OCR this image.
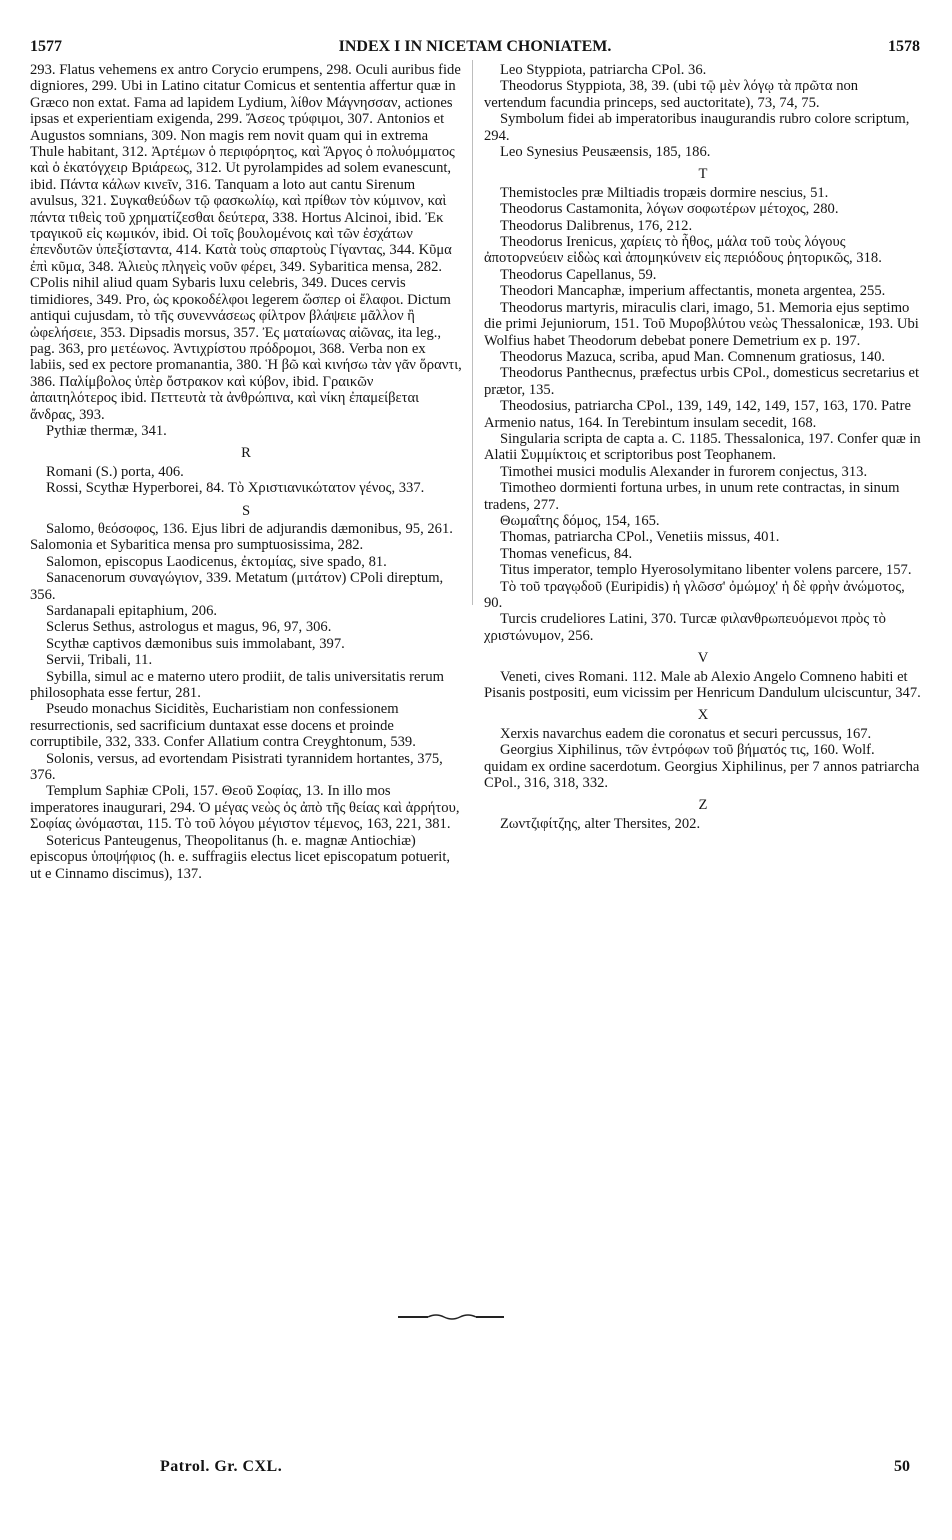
1577	INDEX I IN NICETAM CHONIATEM.	1578

293. Flatus vehemens ex antro Corycio erumpens, 298. Oculi auribus fide digniores, 299. Ubi in Latino citatur Comicus et sententia affertur quæ in Græco non extat. Fama ad lapidem Lydium, λίθον Μάγνησσαν, actiones ipsas et experientiam exigenda, 299. Ἄσεος τρύφιμοι, 307. Antonios et Augustos somnians, 309. Non magis rem novit quam qui in extrema Thule habitant, 312. Ἀρτέμων ὁ περιφόρητος, καὶ Ἄργος ὁ πολυόμματος καὶ ὁ ἑκατόγχειρ Βριάρεως, 312. Ut pyrolampides ad solem evanescunt, ibid. Πάντα κάλων κινεῖν, 316. Tanquam a loto aut cantu Sirenum avulsus, 321. Συγκαθεύδων τῷ φασκωλίῳ, καὶ πρίθων τὸν κύμινον, καὶ πάντα τιθεὶς τοῦ χρηματίζεσθαι δεύτερα, 338. Hortus Alcinoi, ibid. Ἐκ τραγικοῦ εἰς κωμικόν, ibid. Οἱ τοῖς βουλομένοις καὶ τῶν ἐσχάτων ἐπενδυτῶν ὑπεξίσταντα, 414. Κατὰ τοὺς σπαρτοὺς Γίγαντας, 344. Κῦμα ἐπὶ κῦμα, 348. Ἁλιεὺς πληγεὶς νοῦν φέρει, 349. Sybaritica mensa, 282. CPolis nihil aliud quam Sybaris luxu celebris, 349. Duces cervis timidiores, 349. Pro, ὡς κροκοδέλφοι legerem ὥσπερ οἱ ἔλαφοι. Dictum antiqui cujusdam, τὸ τῆς συνεννάσεως φίλτρον βλάψειε μᾶλλον ἢ ὠφελήσειε, 353. Dipsadis morsus, 357. Ἐς ματαίωνας αἰῶνας, ita leg., pag. 363, pro μετέωνος. Ἀντιχρίστου πρόδρομοι, 368. Verba non ex labiis, sed ex pectore promanantia, 380. Ἡ βῶ καὶ κινήσω τὰν γᾶν ὅραντι, 386. Παλίμβολος ὑπὲρ ὄστρακον καὶ κύβον, ibid. Γραικῶν ἀπαιτηλότερος ibid. Πεττευτὰ τὰ ἀνθρώπινα, καὶ νίκη ἐπαμείβεται ἄνδρας, 393.

Pythiæ thermæ, 341.

R

Romani (S.) porta, 406.

Rossi, Scythæ Hyperborei, 84. Τὸ Χριστιανικώτατον γένος, 337.

S

Salomo, θεόσοφος, 136. Ejus libri de adjurandis dæmonibus, 95, 261. Salomonia et Sybaritica mensa pro sumptuosissima, 282.

Salomon, episcopus Laodicenus, ἐκτομίας, sive spado, 81.

Sanacenorum συναγώγιον, 339. Metatum (μιτάτον) CPoli direptum, 356.

Sardanapali epitaphium, 206.

Sclerus Sethus, astrologus et magus, 96, 97, 306.

Scythæ captivos dæmonibus suis immolabant, 397.

Servii, Tribali, 11.

Sybilla, simul ac e materno utero prodiit, de talis universitatis rerum philosophata esse fertur, 281.

Pseudo monachus Siciditès, Eucharistiam non confessionem resurrectionis, sed sacrificium duntaxat esse docens et proinde corruptibile, 332, 333. Confer Allatium contra Creyghtonum, 539.

Solonis, versus, ad evortendam Pisistrati tyrannidem hortantes, 375, 376.

Templum Saphiæ CPoli, 157. Θεοῦ Σοφίας, 13. In illo mos imperatores inaugurari, 294. Ὁ μέγας νεὼς ὁς ἀπὸ τῆς θείας καὶ ἀρρήτου, Σοφίας ὠνόμασται, 115. Τὸ τοῦ λόγου μέγιστον τέμενος, 163, 221, 381.

Sotericus Panteugenus, Theopolitanus (h. e. magnæ Antiochiæ) episcopus ὑποψήφιος (h. e. suffragiis electus licet episcopatum potuerit, ut e Cinnamo discimus), 137.

Leo Styppiota, patriarcha CPol. 36.

Theodorus Styppiota, 38, 39. (ubi τῷ μὲν λόγῳ τὰ πρῶτα non vertendum facundia princeps, sed auctoritate), 73, 74, 75.

Symbolum fidei ab imperatoribus inaugurandis rubro colore scriptum, 294.

Leo Synesius Peusæensis, 185, 186.

T

Themistocles præ Miltiadis tropæis dormire nescius, 51.

Theodorus Castamonita, λόγων σοφωτέρων μέτοχος, 280.

Theodorus Dalibrenus, 176, 212.

Theodorus Irenicus, χαρίεις τὸ ἦθος, μάλα τοῦ τοὺς λόγους ἀποτορνεύειν εἰδὼς καὶ ἀπομηκύνειν εἰς περιόδους ῥητορικῶς, 318.

Theodorus Capellanus, 59.

Theodori Mancaphæ, imperium affectantis, moneta argentea, 255.

Theodorus martyris, miraculis clari, imago, 51. Memoria ejus septimo die primi Jejuniorum, 151. Τοῦ Μυροβλύτου νεὼς Thessalonicæ, 193. Ubi Wolfius habet Theodorum debebat ponere Demetrium ex p. 197.

Theodorus Mazuca, scriba, apud Man. Comnenum gratiosus, 140.

Theodorus Panthecnus, præfectus urbis CPol., domesticus secretarius et prætor, 135.

Theodosius, patriarcha CPol., 139, 149, 142, 149, 157, 163, 170. Patre Armenio natus, 164. In Terebintum insulam secedit, 168.

Singularia scripta de capta a. C. 1185. Thessalonica, 197. Confer quæ in Alatii Συμμίκτοις et scriptoribus post Teophanem.

Timothei musici modulis Alexander in furorem conjectus, 313.

Timotheo dormienti fortuna urbes, in unum rete contractas, in sinum tradens, 277.

Θωμαΐτης δόμος, 154, 165.

Thomas, patriarcha CPol., Venetiis missus, 401.

Thomas veneficus, 84.

Titus imperator, templo Hyerosolymitano libenter volens parcere, 157.

Τὸ τοῦ τραγῳδοῦ (Euripidis) ἡ γλῶσσ' ὀμώμοχ' ἡ δὲ φρὴν ἀνώμοτος, 90.

Turcis crudeliores Latini, 370. Turcæ φιλανθρωπευόμενοι πρὸς τὸ χριστώνυμον, 256.

V

Veneti, cives Romani. 112. Male ab Alexio Angelo Comneno habiti et Pisanis postpositi, eum vicissim per Henricum Dandulum ulciscuntur, 347.

X

Xerxis navarchus eadem die coronatus et securi percussus, 167.

Georgius Xiphilinus, τῶν ἐντρόφων τοῦ βήματός τις, 160. Wolf. quidam ex ordine sacerdotum. Georgius Xiphilinus, per 7 annos patriarcha CPol., 316, 318, 332.

Z

Ζωντζιφίτζης, alter Thersites, 202.

Patrol. Gr. CXL.	50
